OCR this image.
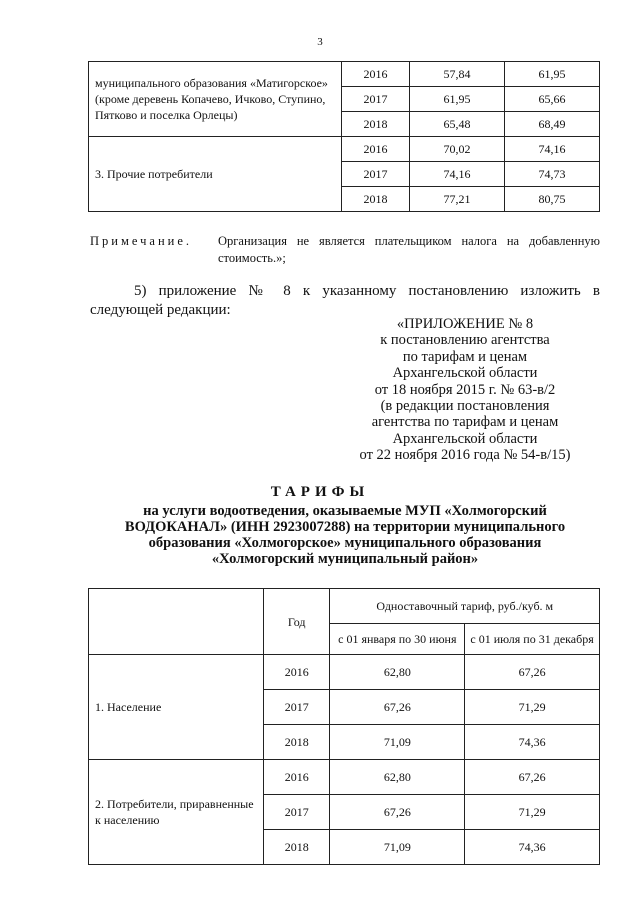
3
муниципального образования «Матигорское» (кроме деревень Копачево, Ичково, Ступино, Пятково и поселка Орлецы)	2016	57,84	61,95
	2017	61,95	65,66
	2018	65,48	68,49
3. Прочие потребители	2016	70,02	74,16
	2017	74,16	74,73
	2018	77,21	80,75
Примечание. Организация не является плательщиком налога на добавленную стоимость.»;
5) приложение № 8 к указанному постановлению изложить в следующей редакции:
«ПРИЛОЖЕНИЕ № 8
к постановлению агентства
по тарифам и ценам
Архангельской области
от 18 ноября 2015 г. № 63-в/2
(в редакции постановления
агентства по тарифам и ценам
Архангельской области
от 22 ноября 2016 года № 54-в/15)
ТАРИФЫ
на услуги водоотведения, оказываемые МУП «Холмогорский
ВОДОКАНАЛ» (ИНН 2923007288) на территории муниципального
образования «Холмогорское» муниципального образования
«Холмогорский муниципальный район»
	Год	Одноставочный тариф, руб./куб. м	
		с 01 января по 30 июня	с 01 июля по 31 декабря
1. Население	2016	62,80	67,26
	2017	67,26	71,29
	2018	71,09	74,36
2. Потребители, приравненные к населению	2016	62,80	67,26
	2017	67,26	71,29
	2018	71,09	74,36
